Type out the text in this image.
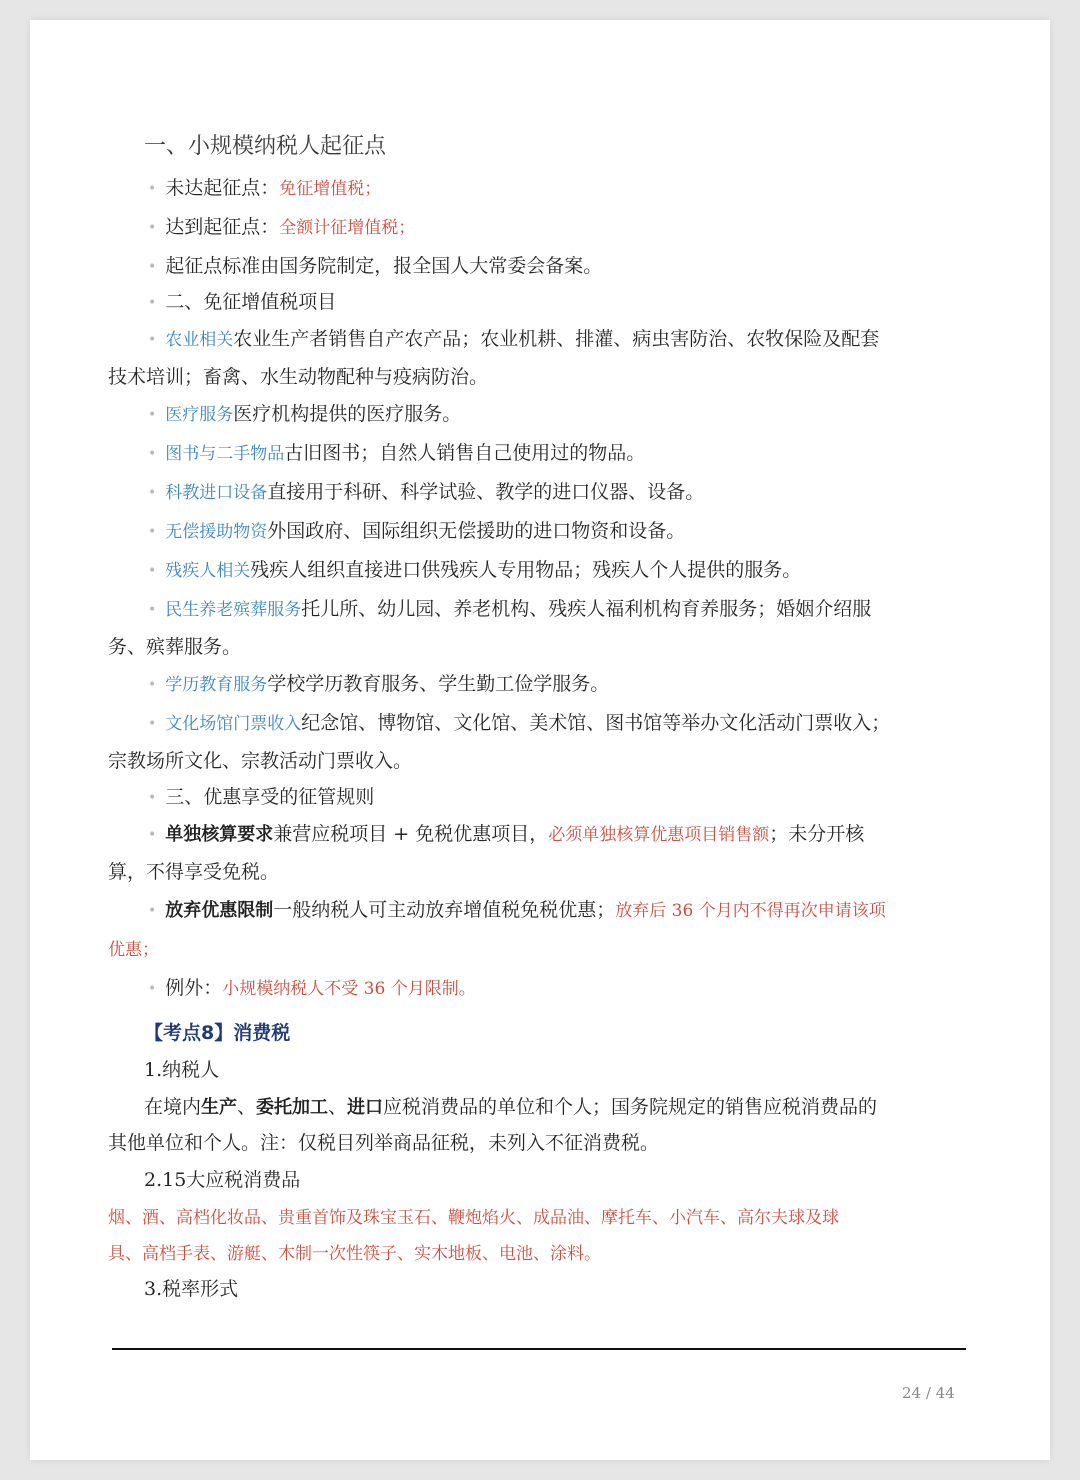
一、小规模纳税人起征点
• 未达起征点：免征增值税；
• 达到起征点：全额计征增值税；
• 起征点标准由国务院制定，报全国人大常委会备案。
• 二、免征增值税项目
• 农业相关农业生产者销售自产农产品；农业机耕、排灌、病虫害防治、农牧保险及配套
技术培训；畜禽、水生动物配种与疫病防治。
• 医疗服务医疗机构提供的医疗服务。
• 图书与二手物品古旧图书；自然人销售自己使用过的物品。
• 科教进口设备直接用于科研、科学试验、教学的进口仪器、设备。
• 无偿援助物资外国政府、国际组织无偿援助的进口物资和设备。
• 残疾人相关残疾人组织直接进口供残疾人专用物品；残疾人个人提供的服务。
• 民生养老殡葬服务托儿所、幼儿园、养老机构、残疾人福利机构育养服务；婚姻介绍服
务、殡葬服务。
• 学历教育服务学校学历教育服务、学生勤工俭学服务。
• 文化场馆门票收入纪念馆、博物馆、文化馆、美术馆、图书馆等举办文化活动门票收入；
宗教场所文化、宗教活动门票收入。
• 三、优惠享受的征管规则
• 单独核算要求兼营应税项目 + 免税优惠项目，必须单独核算优惠项目销售额；未分开核
算，不得享受免税。
• 放弃优惠限制一般纳税人可主动放弃增值税免税优惠；放弃后 36 个月内不得再次申请该项
优惠；
• 例外：小规模纳税人不受 36 个月限制。
【考点8】消费税
1.纳税人
在境内生产、委托加工、进口应税消费品的单位和个人；国务院规定的销售应税消费品的
其他单位和个人。注：仅税目列举商品征税，未列入不征消费税。
2.15大应税消费品
烟、酒、高档化妆品、贵重首饰及珠宝玉石、鞭炮焰火、成品油、摩托车、小汽车、高尔夫球及球
具、高档手表、游艇、木制一次性筷子、实木地板、电池、涂料。
3.税率形式
24 / 44
